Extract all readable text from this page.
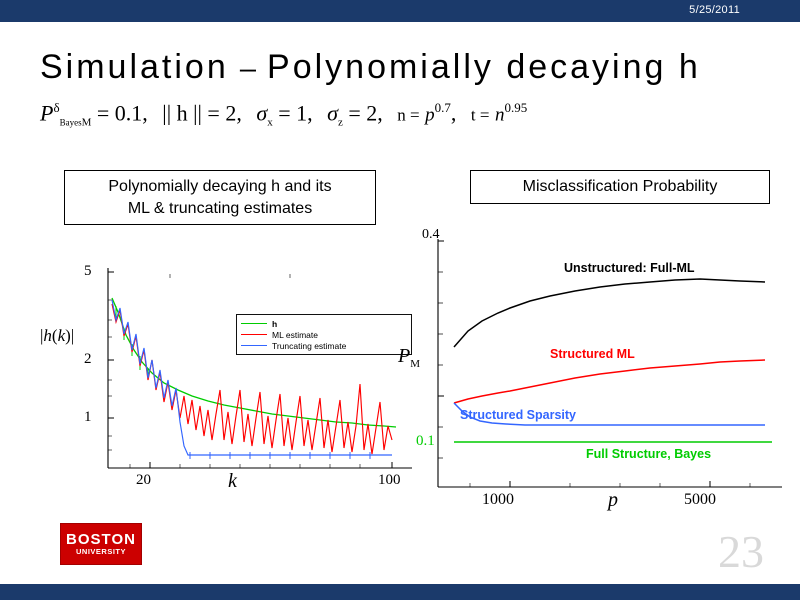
5/25/2011
Simulation – Polynomially decaying h
$P^\delta_{BayesM} = 0.1$, || h || = 2, $\sigma_x = 1$, $\sigma_z = 2$, $n = p^{0.7}$, $t = n^{0.95}$
Polynomially decaying h and its
ML & truncating estimates
Misclassification Probability
5
2
1
20	100
|h(k)|
k
h
ML estimate
Truncating estimate
0.4
0.1
1000	5000
$P_M$
p
Unstructured: Full-ML
Structured ML
Structured Sparsity
Full Structure, Bayes
BOSTON
UNIVERSITY	23
